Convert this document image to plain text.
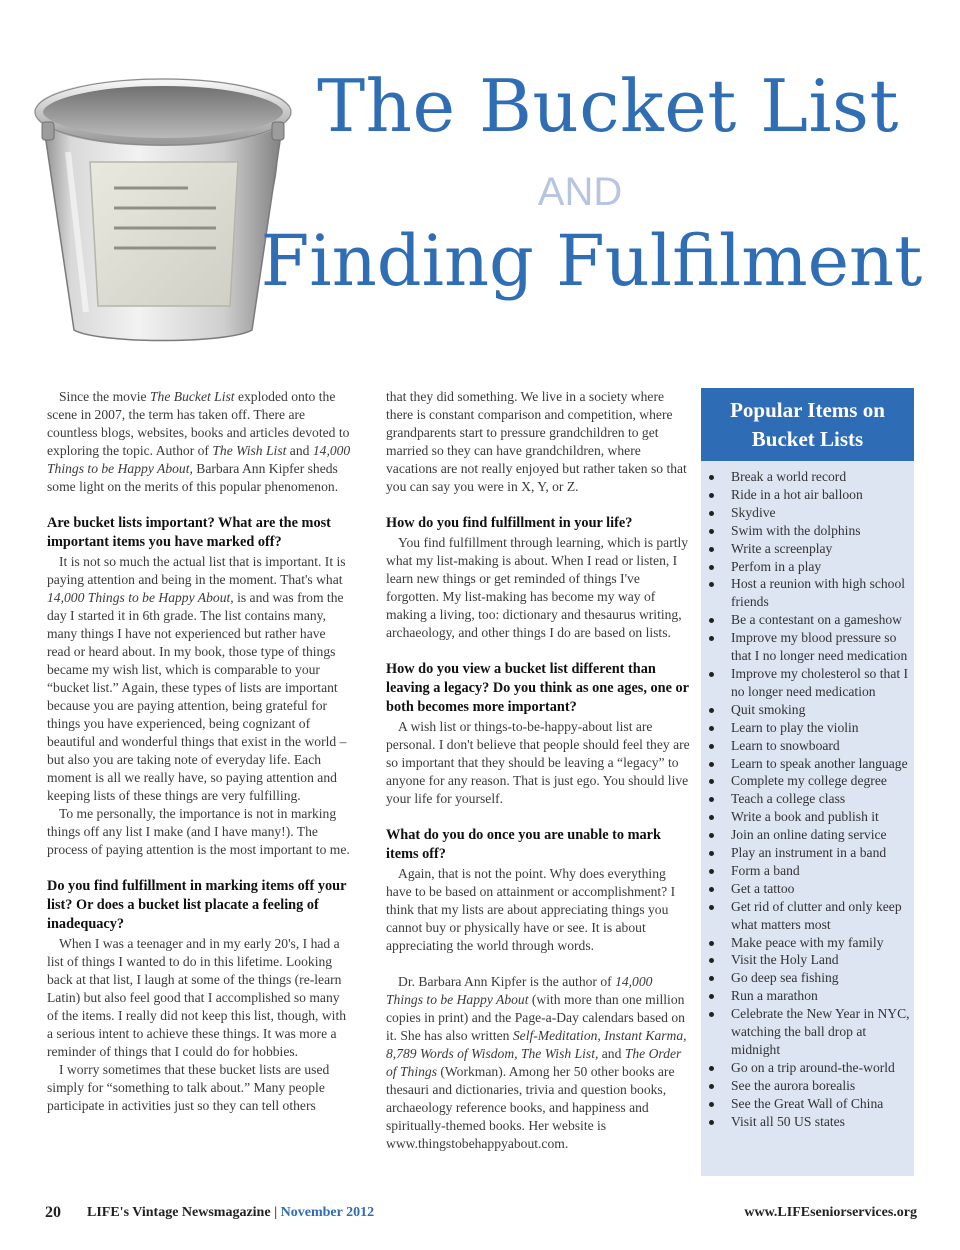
The Bucket List
AND
Finding Fulfilment

Since the movie The Bucket List exploded onto the scene in 2007, the term has taken off. There are countless blogs, websites, books and articles devoted to exploring the topic. Author of The Wish List and 14,000 Things to be Happy About, Barbara Ann Kipfer sheds some light on the merits of this popular phenomenon.

Are bucket lists important? What are the most important items you have marked off?

It is not so much the actual list that is important. It is paying attention and being in the moment. That's what 14,000 Things to be Happy About, is and was from the day I started it in 6th grade. The list contains many, many things I have not experienced but rather have read or heard about. In my book, those type of things became my wish list, which is comparable to your “bucket list.” Again, these types of lists are important because you are paying attention, being grateful for things you have experienced, being cognizant of beautiful and wonderful things that exist in the world – but also you are taking note of everyday life. Each moment is all we really have, so paying attention and keeping lists of these things are very fulfilling.

To me personally, the importance is not in marking things off any list I make (and I have many!). The process of paying attention is the most important to me.

Do you find fulfillment in marking items off your list? Or does a bucket list placate a feeling of inadequacy?

When I was a teenager and in my early 20's, I had a list of things I wanted to do in this lifetime. Looking back at that list, I laugh at some of the things (re-learn Latin) but also feel good that I accomplished so many of the items. I really did not keep this list, though, with a serious intent to achieve these things. It was more a reminder of things that I could do for hobbies.

I worry sometimes that these bucket lists are used simply for “something to talk about.” Many people participate in activities just so they can tell others

that they did something. We live in a society where there is constant comparison and competition, where grandparents start to pressure grandchildren to get married so they can have grandchildren, where vacations are not really enjoyed but rather taken so that you can say you were in X, Y, or Z.

How do you find fulfillment in your life?

You find fulfillment through learning, which is partly what my list-making is about. When I read or listen, I learn new things or get reminded of things I've forgotten. My list-making has become my way of making a living, too: dictionary and thesaurus writing, archaeology, and other things I do are based on lists.

How do you view a bucket list different than leaving a legacy? Do you think as one ages, one or both becomes more important?

A wish list or things-to-be-happy-about list are personal. I don't believe that people should feel they are so important that they should be leaving a “legacy” to anyone for any reason. That is just ego. You should live your life for yourself.

What do you do once you are unable to mark items off?

Again, that is not the point. Why does everything have to be based on attainment or accomplishment? I think that my lists are about appreciating things you cannot buy or physically have or see. It is about appreciating the world through words.

Dr. Barbara Ann Kipfer is the author of 14,000 Things to be Happy About (with more than one million copies in print) and the Page-a-Day calendars based on it. She has also written Self-Meditation, Instant Karma, 8,789 Words of Wisdom, The Wish List, and The Order of Things (Workman). Among her 50 other books are thesauri and dictionaries, trivia and question books, archaeology reference books, and happiness and spiritually-themed books. Her website is www.thingstobehappyabout.com.

Popular Items on Bucket Lists
Break a world record
Ride in a hot air balloon
Skydive
Swim with the dolphins
Write a screenplay
Perfom in a play
Host a reunion with high school friends
Be a contestant on a gameshow
Improve my blood pressure so that I no longer need medication
Improve my cholesterol so that I no longer need medication
Quit smoking
Learn to play the violin
Learn to snowboard
Learn to speak another language
Complete my college degree
Teach a college class
Write a book and publish it
Join an online dating service
Play an instrument in a band
Form a band
Get a tattoo
Get rid of clutter and only keep what matters most
Make peace with my family
Visit the Holy Land
Go deep sea fishing
Run a marathon
Celebrate the New Year in NYC, watching the ball drop at midnight
Go on a trip around-the-world
See the aurora borealis
See the Great Wall of China
Visit all 50 US states
20 LIFE's Vintage Newsmagazine | November 2012	www.LIFEseniorservices.org
